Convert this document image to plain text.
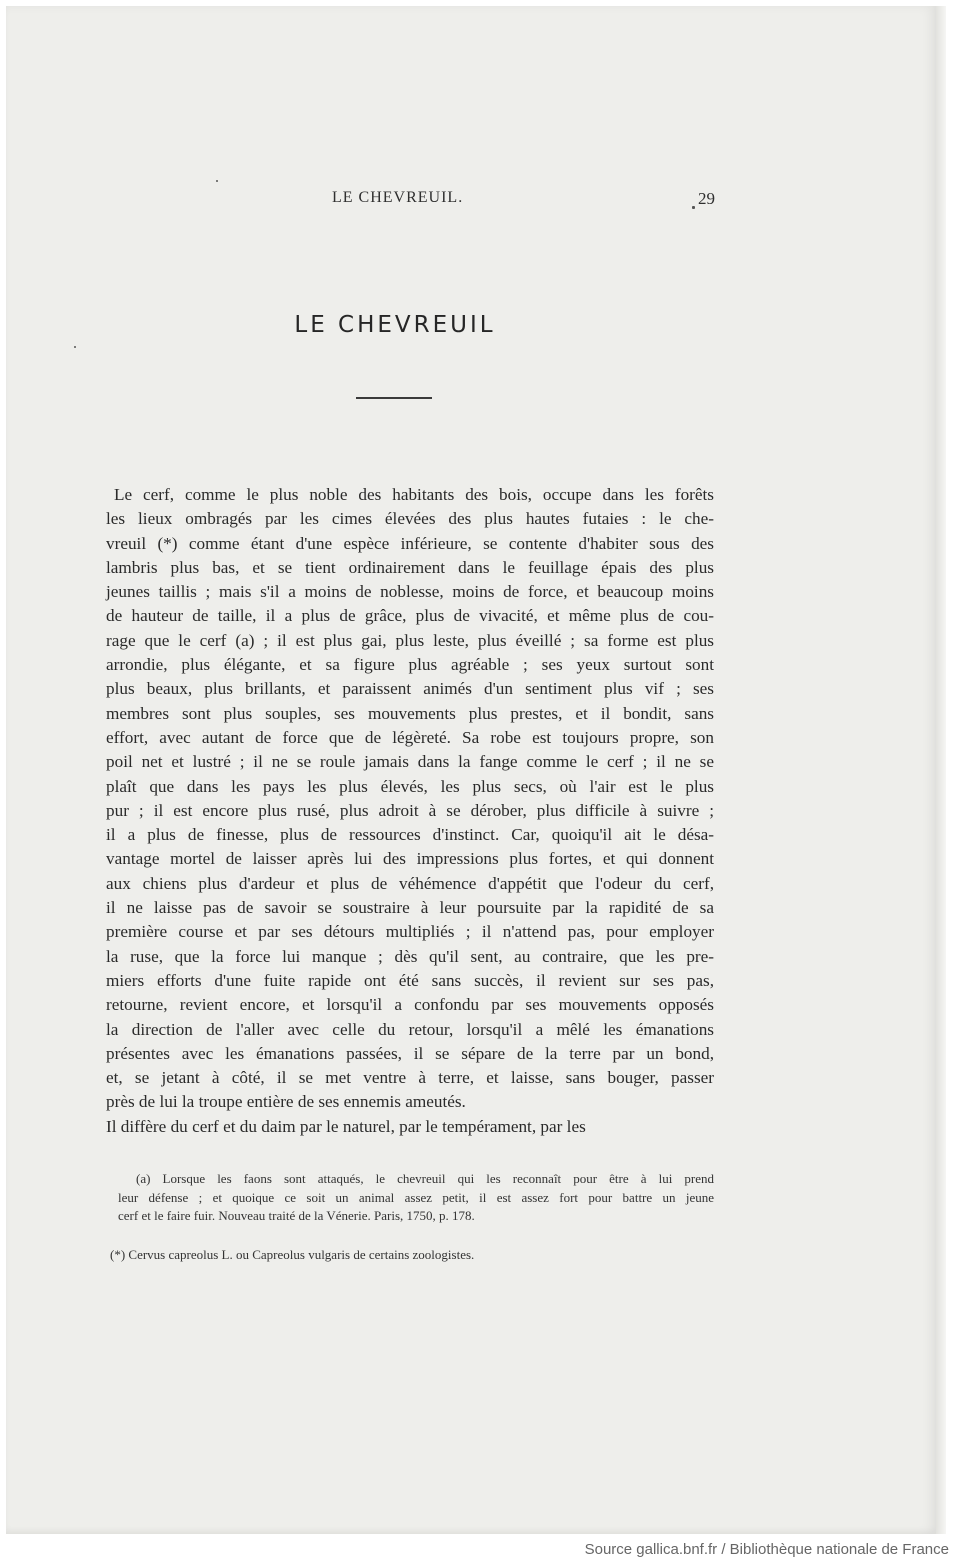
LE CHEVREUIL.	29
LE CHEVREUIL
Le cerf, comme le plus noble des habitants des bois, occupe dans les forêts
les lieux ombragés par les cimes élevées des plus hautes futaies : le che-
vreuil (*) comme étant d'une espèce inférieure, se contente d'habiter sous des
lambris plus bas, et se tient ordinairement dans le feuillage épais des plus
jeunes taillis ; mais s'il a moins de noblesse, moins de force, et beaucoup moins
de hauteur de taille, il a plus de grâce, plus de vivacité, et même plus de cou-
rage que le cerf (a) ; il est plus gai, plus leste, plus éveillé ; sa forme est plus
arrondie, plus élégante, et sa figure plus agréable ; ses yeux surtout sont
plus beaux, plus brillants, et paraissent animés d'un sentiment plus vif ; ses
membres sont plus souples, ses mouvements plus prestes, et il bondit, sans
effort, avec autant de force que de légèreté. Sa robe est toujours propre, son
poil net et lustré ; il ne se roule jamais dans la fange comme le cerf ; il ne se
plaît que dans les pays les plus élevés, les plus secs, où l'air est le plus
pur ; il est encore plus rusé, plus adroit à se dérober, plus difficile à suivre ;
il a plus de finesse, plus de ressources d'instinct. Car, quoiqu'il ait le désa-
vantage mortel de laisser après lui des impressions plus fortes, et qui donnent
aux chiens plus d'ardeur et plus de véhémence d'appétit que l'odeur du cerf,
il ne laisse pas de savoir se soustraire à leur poursuite par la rapidité de sa
première course et par ses détours multipliés ; il n'attend pas, pour employer
la ruse, que la force lui manque ; dès qu'il sent, au contraire, que les pre-
miers efforts d'une fuite rapide ont été sans succès, il revient sur ses pas,
retourne, revient encore, et lorsqu'il a confondu par ses mouvements opposés
la direction de l'aller avec celle du retour, lorsqu'il a mêlé les émanations
présentes avec les émanations passées, il se sépare de la terre par un bond,
et, se jetant à côté, il se met ventre à terre, et laisse, sans bouger, passer
près de lui la troupe entière de ses ennemis ameutés.
Il diffère du cerf et du daim par le naturel, par le tempérament, par les
(a) Lorsque les faons sont attaqués, le chevreuil qui les reconnaît pour être à lui prend
leur défense ; et quoique ce soit un animal assez petit, il est assez fort pour battre un jeune
cerf et le faire fuir. Nouveau traité de la Vénerie. Paris, 1750, p. 178.
(*) Cervus capreolus L. ou Capreolus vulgaris de certains zoologistes.
Source gallica.bnf.fr / Bibliothèque nationale de France
